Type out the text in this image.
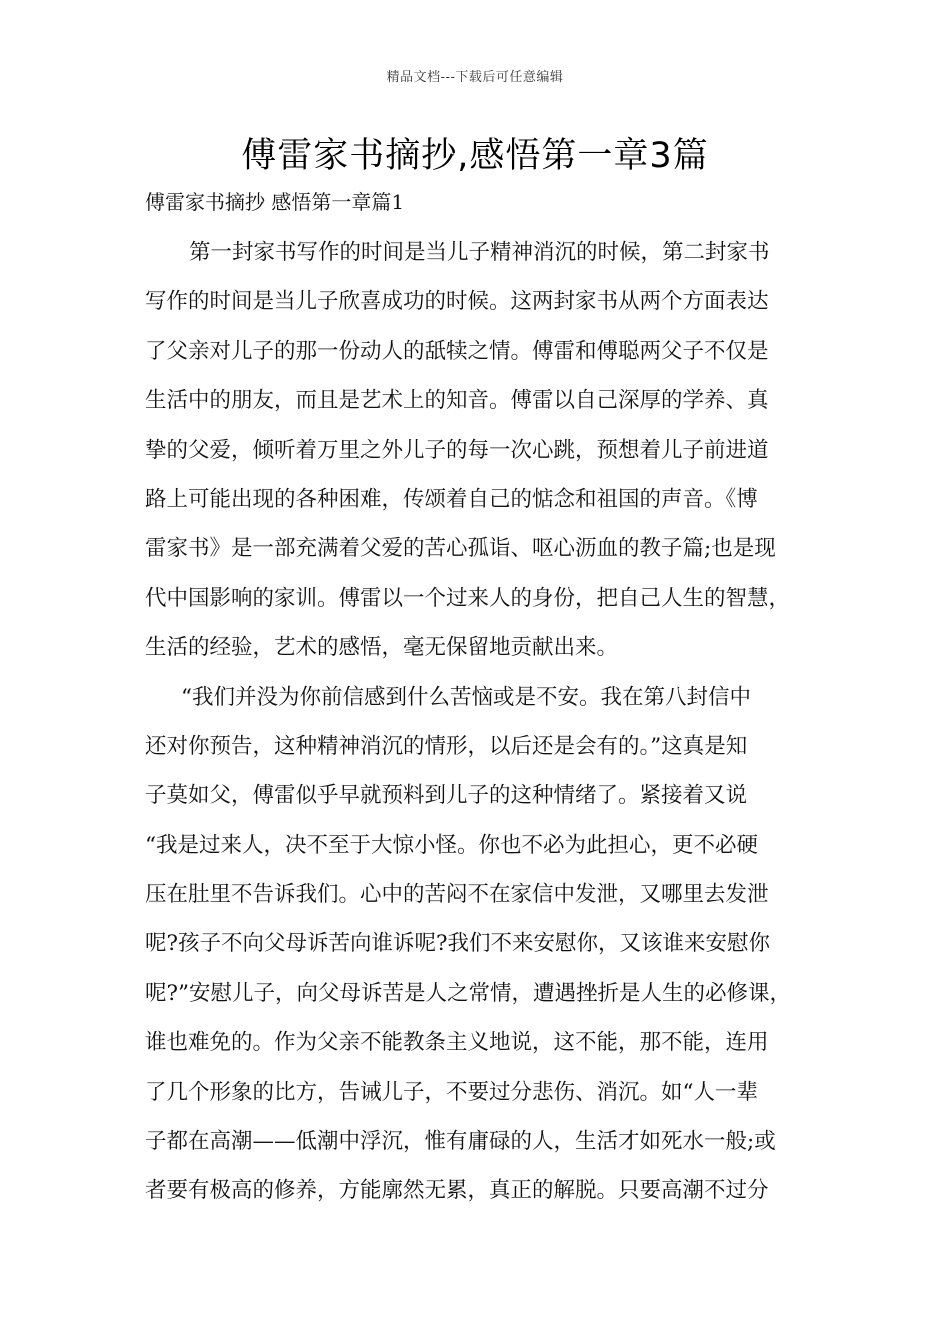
精品文档---下载后可任意编辑
傅雷家书摘抄,感悟第一章3篇
傅雷家书摘抄 感悟第一章篇1
第一封家书写作的时间是当儿子精神消沉的时候，第二封家书
写作的时间是当儿子欣喜成功的时候。这两封家书从两个方面表达
了父亲对儿子的那一份动人的舐犊之情。傅雷和傅聪两父子不仅是
生活中的朋友，而且是艺术上的知音。傅雷以自己深厚的学养、真
挚的父爱，倾听着万里之外儿子的每一次心跳，预想着儿子前进道
路上可能出现的各种困难，传颂着自己的惦念和祖国的声音。《博
雷家书》是一部充满着父爱的苦心孤诣、呕心沥血的教子篇;也是现
代中国影响的家训。傅雷以一个过来人的身份，把自己人生的智慧，
生活的经验，艺术的感悟，毫无保留地贡献出来。
“我们并没为你前信感到什么苦恼或是不安。我在第八封信中
还对你预告，这种精神消沉的情形，以后还是会有的。”这真是知
子莫如父，傅雷似乎早就预料到儿子的这种情绪了。紧接着又说
“我是过来人，决不至于大惊小怪。你也不必为此担心，更不必硬
压在肚里不告诉我们。心中的苦闷不在家信中发泄，又哪里去发泄
呢?孩子不向父母诉苦向谁诉呢?我们不来安慰你，又该谁来安慰你
呢?”安慰儿子，向父母诉苦是人之常情，遭遇挫折是人生的必修课，
谁也难免的。作为父亲不能教条主义地说，这不能，那不能，连用
了几个形象的比方，告诫儿子，不要过分悲伤、消沉。如“人一辈
子都在高潮——低潮中浮沉，惟有庸碌的人，生活才如死水一般;或
者要有极高的修养，方能廓然无累，真正的解脱。只要高潮不过分
